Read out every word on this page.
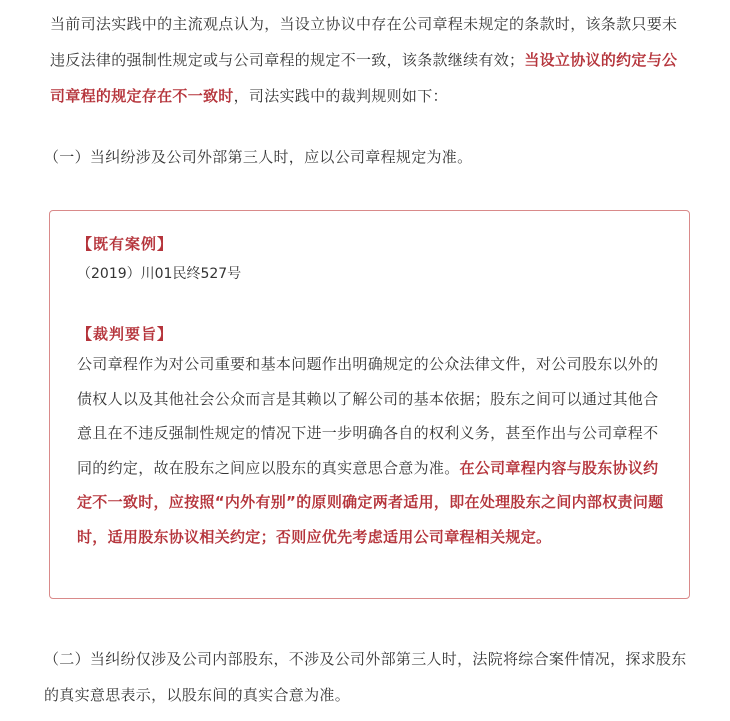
当前司法实践中的主流观点认为，当设立协议中存在公司章程未规定的条款时，该条款只要未违反法律的强制性规定或与公司章程的规定不一致，该条款继续有效；当设立协议的约定与公司章程的规定存在不一致时，司法实践中的裁判规则如下：

（一）当纠纷涉及公司外部第三人时，应以公司章程规定为准。

【既有案例】

（2019）川01民终527号

【裁判要旨】

公司章程作为对公司重要和基本问题作出明确规定的公众法律文件，对公司股东以外的债权人以及其他社会公众而言是其赖以了解公司的基本依据；股东之间可以通过其他合意且在不违反强制性规定的情况下进一步明确各自的权利义务，甚至作出与公司章程不同的约定，故在股东之间应以股东的真实意思合意为准。在公司章程内容与股东协议约定不一致时，应按照“内外有别”的原则确定两者适用，即在处理股东之间内部权责问题时，适用股东协议相关约定；否则应优先考虑适用公司章程相关规定。

（二）当纠纷仅涉及公司内部股东，不涉及公司外部第三人时，法院将综合案件情况，探求股东的真实意思表示，以股东间的真实合意为准。
